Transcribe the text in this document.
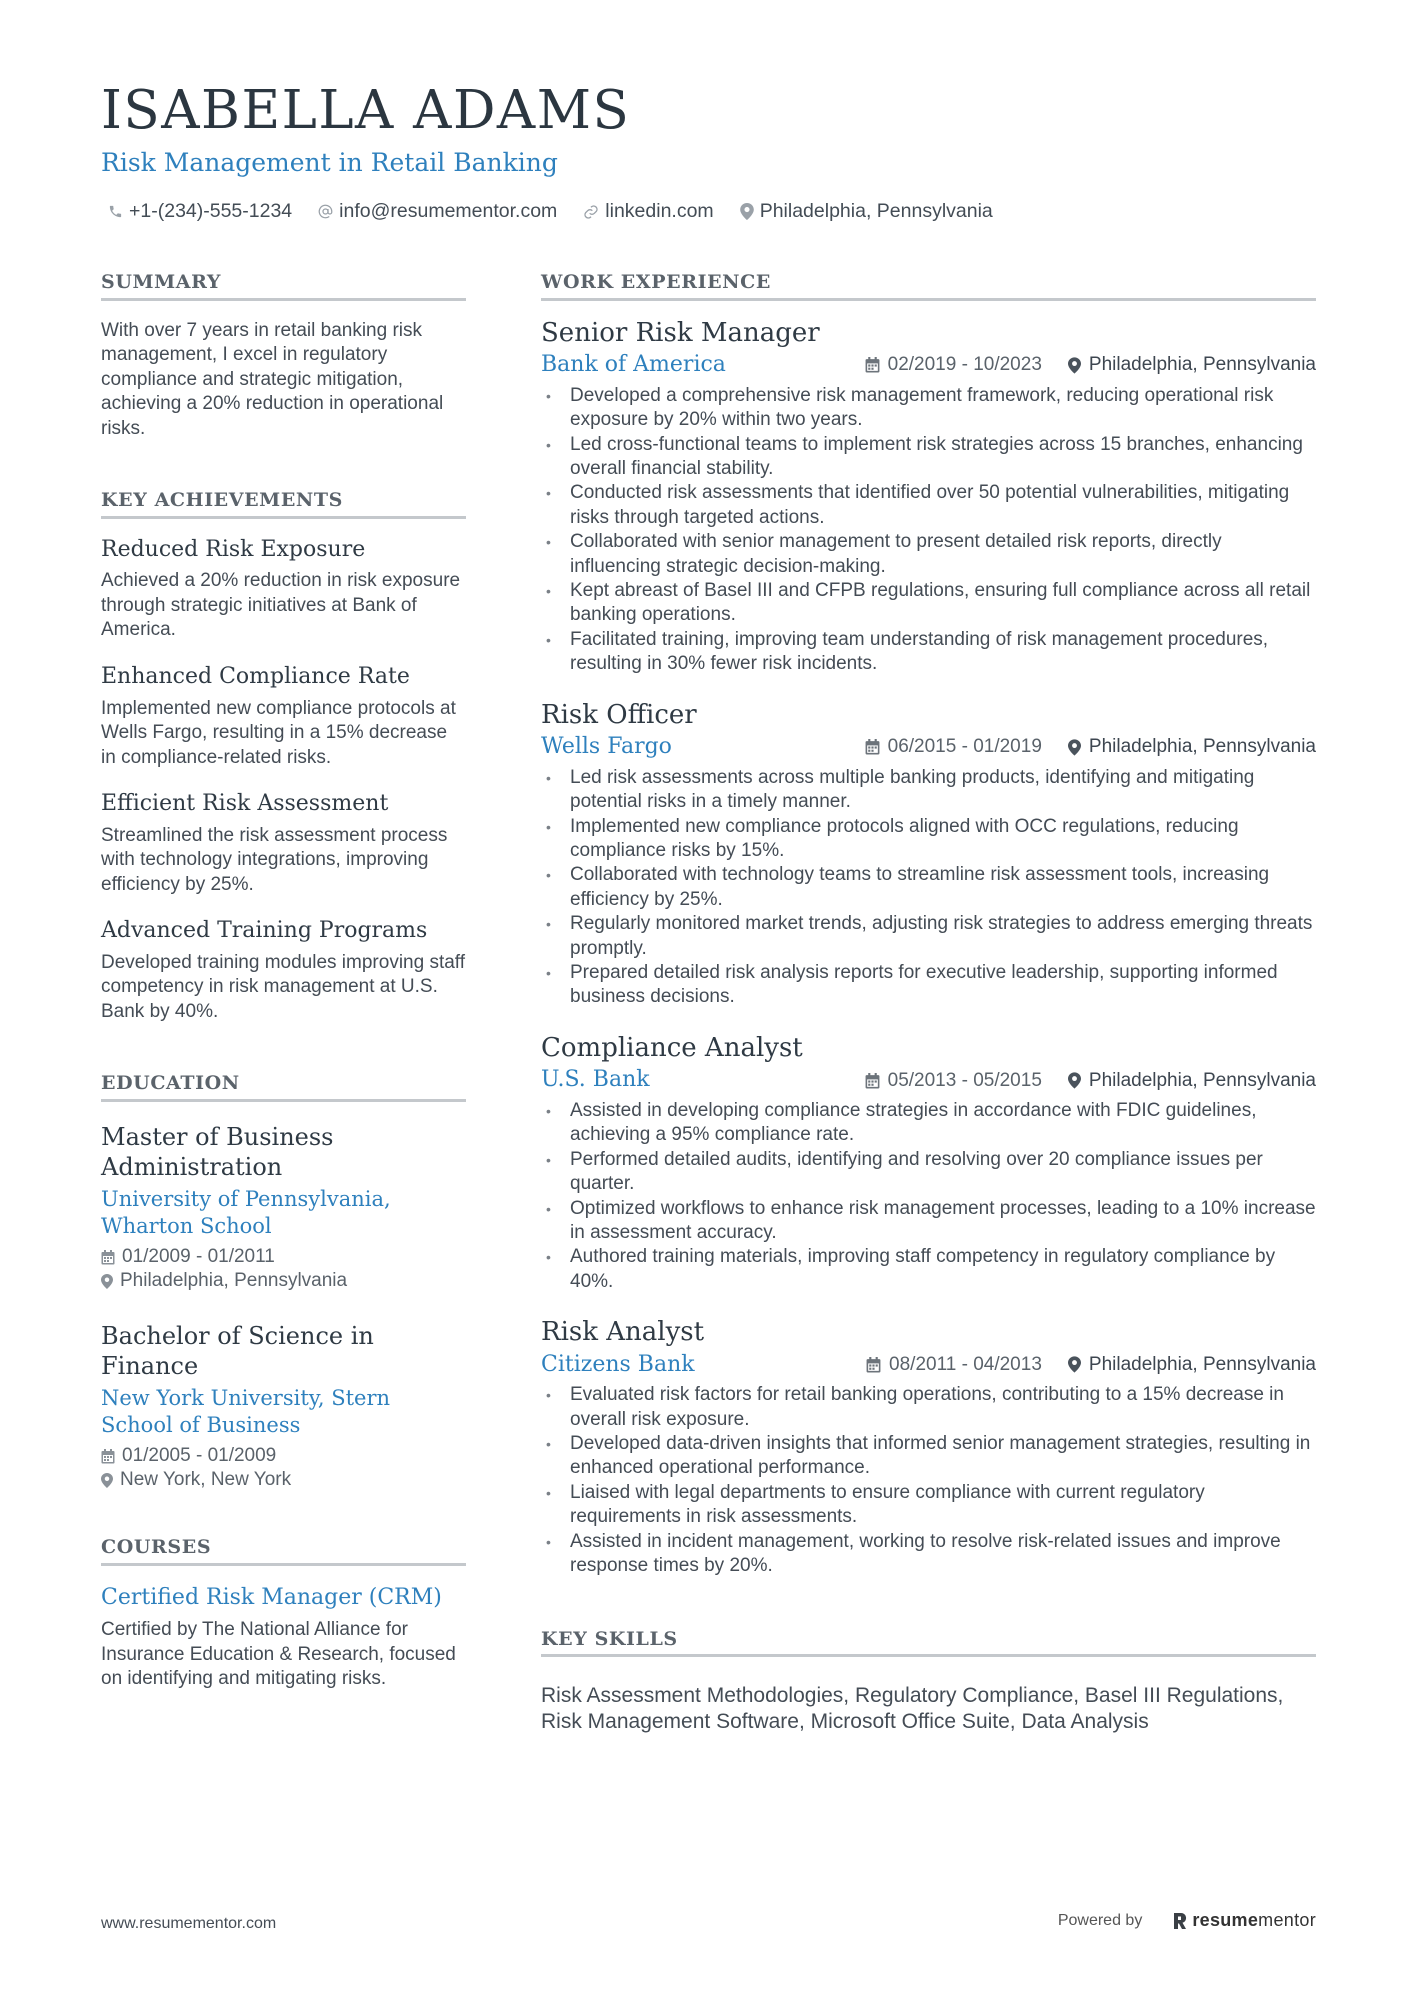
ISABELLA ADAMS
Risk Management in Retail Banking
+1-(234)-555-1234 info@resumementor.com linkedin.com Philadelphia, Pennsylvania
SUMMARY

With over 7 years in retail banking risk management, I excel in regulatory compliance and strategic mitigation, achieving a 20% reduction in operational risks.

KEY ACHIEVEMENTS
Reduced Risk Exposure

Achieved a 20% reduction in risk exposure through strategic initiatives at Bank of America.

Enhanced Compliance Rate

Implemented new compliance protocols at Wells Fargo, resulting in a 15% decrease in compliance-related risks.

Efficient Risk Assessment

Streamlined the risk assessment process with technology integrations, improving efficiency by 25%.

Advanced Training Programs

Developed training modules improving staff competency in risk management at U.S. Bank by 40%.

EDUCATION
Master of Business Administration
University of Pennsylvania, Wharton School
01/2009 - 01/2011
Philadelphia, Pennsylvania
Bachelor of Science in Finance
New York University, Stern School of Business
01/2005 - 01/2009
New York, New York
COURSES
Certified Risk Manager (CRM)

Certified by The National Alliance for Insurance Education & Research, focused on identifying and mitigating risks.

WORK EXPERIENCE
Senior Risk Manager
Bank of America	02/2019 - 10/2023 Philadelphia, Pennsylvania
• Developed a comprehensive risk management framework, reducing operational risk exposure by 20% within two years.
• Led cross-functional teams to implement risk strategies across 15 branches, enhancing overall financial stability.
• Conducted risk assessments that identified over 50 potential vulnerabilities, mitigating risks through targeted actions.
• Collaborated with senior management to present detailed risk reports, directly influencing strategic decision-making.
• Kept abreast of Basel III and CFPB regulations, ensuring full compliance across all retail banking operations.
• Facilitated training, improving team understanding of risk management procedures, resulting in 30% fewer risk incidents.
Risk Officer
Wells Fargo	06/2015 - 01/2019 Philadelphia, Pennsylvania
• Led risk assessments across multiple banking products, identifying and mitigating potential risks in a timely manner.
• Implemented new compliance protocols aligned with OCC regulations, reducing compliance risks by 15%.
• Collaborated with technology teams to streamline risk assessment tools, increasing efficiency by 25%.
• Regularly monitored market trends, adjusting risk strategies to address emerging threats promptly.
• Prepared detailed risk analysis reports for executive leadership, supporting informed business decisions.
Compliance Analyst
U.S. Bank	05/2013 - 05/2015 Philadelphia, Pennsylvania
• Assisted in developing compliance strategies in accordance with FDIC guidelines, achieving a 95% compliance rate.
• Performed detailed audits, identifying and resolving over 20 compliance issues per quarter.
• Optimized workflows to enhance risk management processes, leading to a 10% increase in assessment accuracy.
• Authored training materials, improving staff competency in regulatory compliance by 40%.
Risk Analyst
Citizens Bank	08/2011 - 04/2013 Philadelphia, Pennsylvania
• Evaluated risk factors for retail banking operations, contributing to a 15% decrease in overall risk exposure.
• Developed data-driven insights that informed senior management strategies, resulting in enhanced operational performance.
• Liaised with legal departments to ensure compliance with current regulatory requirements in risk assessments.
• Assisted in incident management, working to resolve risk-related issues and improve response times by 20%.
KEY SKILLS

Risk Assessment Methodologies, Regulatory Compliance, Basel III Regulations, Risk Management Software, Microsoft Office Suite, Data Analysis

www.resumementor.com	Powered by	resume mentor
